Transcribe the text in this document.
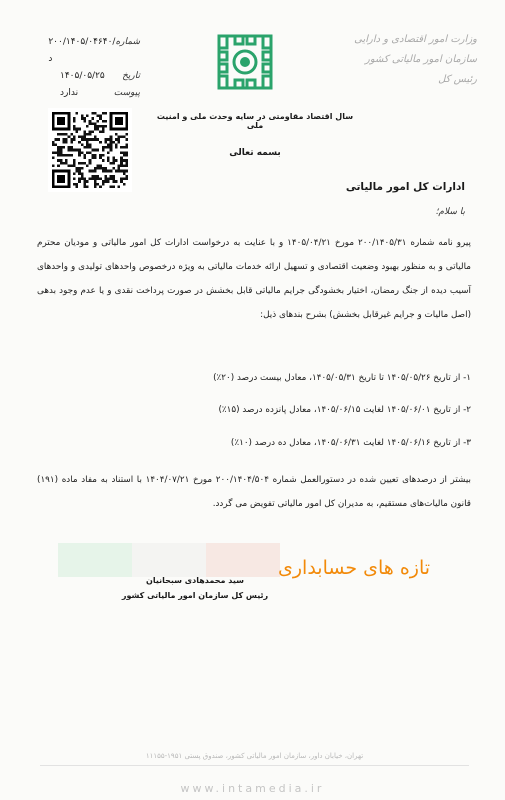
شماره
۲۰۰/۱۴۰۵/۰۴۶۴۰/د
تاریخ
۱۴۰۵/۰۵/۲۵
پیوست
ندارد
سال اقتصاد مقاومتی در سایه وحدت ملی و امنیت ملی
وزارت امور اقتصادی و دارایی
سازمان امور مالیاتی کشور
رئیس کل
بسمه تعالی
ادارات کل امور مالیاتی
با سلام؛
پیرو نامه شماره ۲۰۰/۱۴۰۵/۳۱ مورخ ۱۴۰۵/۰۴/۲۱ و با عنایت به درخواست ادارات کل امور مالیاتی و مودیان محترم مالیاتی و به منظور بهبود وضعیت اقتصادی و تسهیل ارائه خدمات مالیاتی به ویژه درخصوص واحدهای تولیدی و واحدهای آسیب دیده از جنگ رمضان، اختیار بخشودگی جرایم مالیاتی قابل بخشش در صورت پرداخت نقدی و یا عدم وجود بدهی (اصل مالیات و جرایم غیرقابل بخشش) بشرح بندهای ذیل:
۱- از تاریخ ۱۴۰۵/۰۵/۲۶ تا تاریخ ۱۴۰۵/۰۵/۳۱، معادل بیست درصد (۲۰٪)
۲- از تاریخ ۱۴۰۵/۰۶/۰۱ لغایت ۱۴۰۵/۰۶/۱۵، معادل پانزده درصد (۱۵٪)
۳- از تاریخ ۱۴۰۵/۰۶/۱۶ لغایت ۱۴۰۵/۰۶/۳۱، معادل ده درصد (۱۰٪)
بیشتر از درصدهای تعیین شده در دستورالعمل شماره ۲۰۰/۱۴۰۴/۵۰۴ مورخ ۱۴۰۴/۰۷/۲۱ با استناد به مفاد ماده (۱۹۱) قانون مالیات‌های مستقیم، به مدیران کل امور مالیاتی تفویض می گردد.
سید محمدهادی سبحانیان
رئیس کل سازمان امور مالیاتی کشور
تازه های حسابداری
تهران، خیابان داور، سازمان امور مالیاتی کشور، صندوق پستی ۱۹۵۱-۱۱۱۵۵
www.intamedia.ir
